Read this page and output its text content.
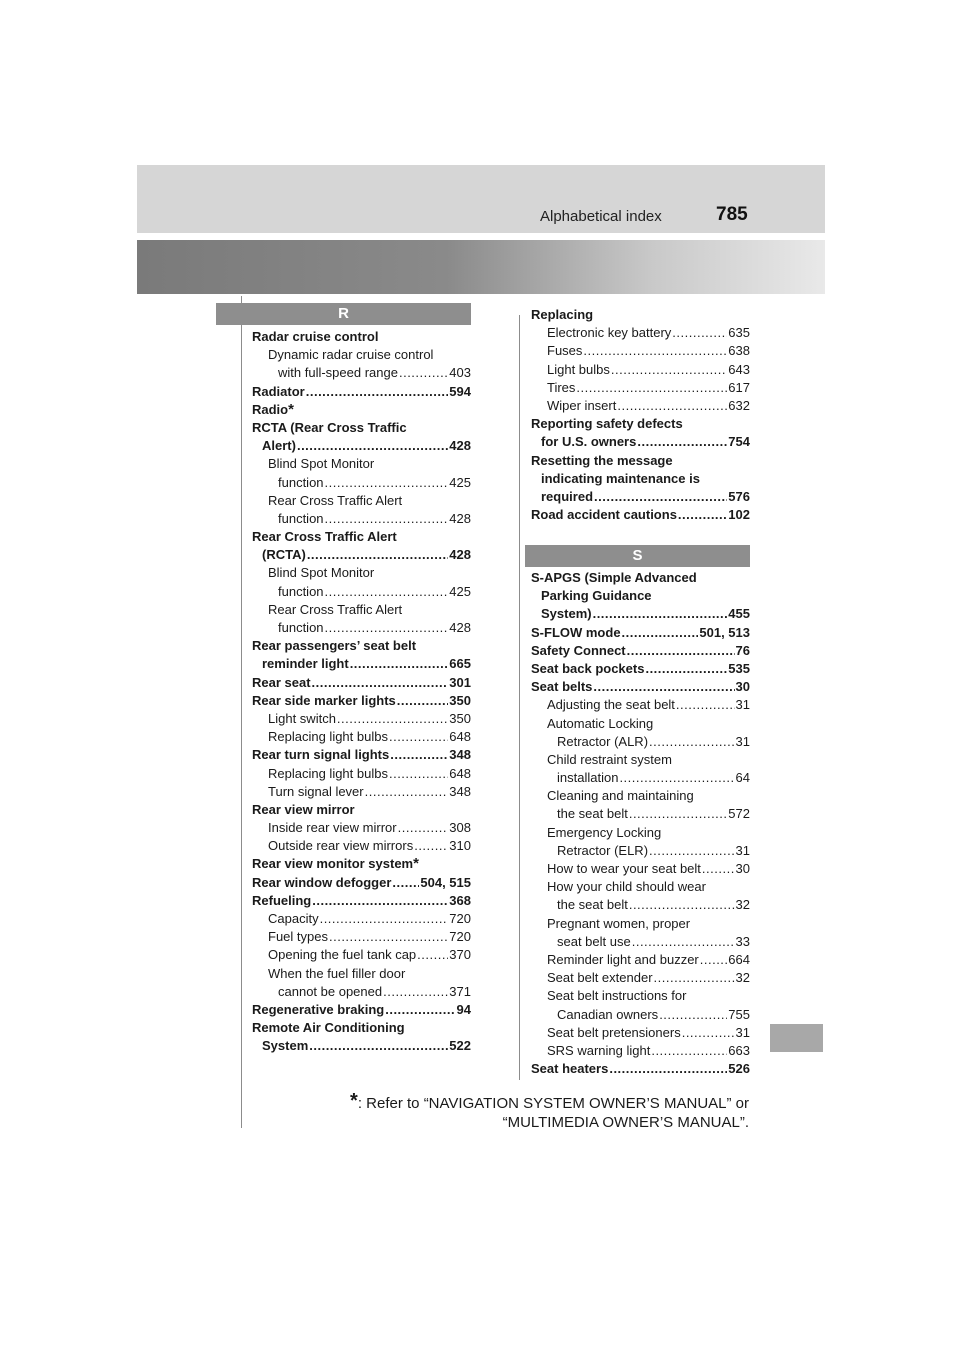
Alphabetical index	785
R
S
Radar cruise control
Dynamic radar cruise control
with full-speed range .....	403
Radiator .....	594
Radio *
RCTA (Rear Cross Traffic
Alert) .....	428
Blind Spot Monitor
function .....	425
Rear Cross Traffic Alert
function .....	428
Rear Cross Traffic Alert
(RCTA) .....	428
Blind Spot Monitor
function .....	425
Rear Cross Traffic Alert
function .....	428
Rear passengers’ seat belt
reminder light .....	665
Rear seat .....	301
Rear side marker lights .....	350
Light switch .....	350
Replacing light bulbs .....	648
Rear turn signal lights .....	348
Replacing light bulbs .....	648
Turn signal lever .....	348
Rear view mirror
Inside rear view mirror .....	308
Outside rear view mirrors .....	310
Rear view monitor system *
Rear window defogger ..... 504, 515
Refueling .....	368
Capacity .....	720
Fuel types .....	720
Opening the fuel tank cap .....	370
When the fuel filler door
cannot be opened .....	371
Regenerative braking .....	94
Remote Air Conditioning
System .....	522
Replacing
Electronic key battery .....	635
Fuses .....	638
Light bulbs .....	643
Tires .....	617
Wiper insert .....	632
Reporting safety defects
for U.S. owners .....	754
Resetting the message
indicating maintenance is
required .....	576
Road accident cautions .....	102
S-APGS (Simple Advanced
Parking Guidance
System) .....	455
S-FLOW mode .....	501, 513
Safety Connect .....	76
Seat back pockets .....	535
Seat belts .....	30
Adjusting the seat belt .....	31
Automatic Locking
Retractor (ALR) .....	31
Child restraint system
installation .....	64
Cleaning and maintaining
the seat belt .....	572
Emergency Locking
Retractor (ELR) .....	31
How to wear your seat belt .....	30
How your child should wear
the seat belt .....	32
Pregnant women, proper
seat belt use .....	33
Reminder light and buzzer ..... 664
Seat belt extender .....	32
Seat belt instructions for
Canadian owners .....	755
Seat belt pretensioners .....	31
SRS warning light .....	663
Seat heaters .....	526
*: Refer to “NAVIGATION SYSTEM OWNER’S MANUAL” or
“MULTIMEDIA OWNER’S MANUAL”.
